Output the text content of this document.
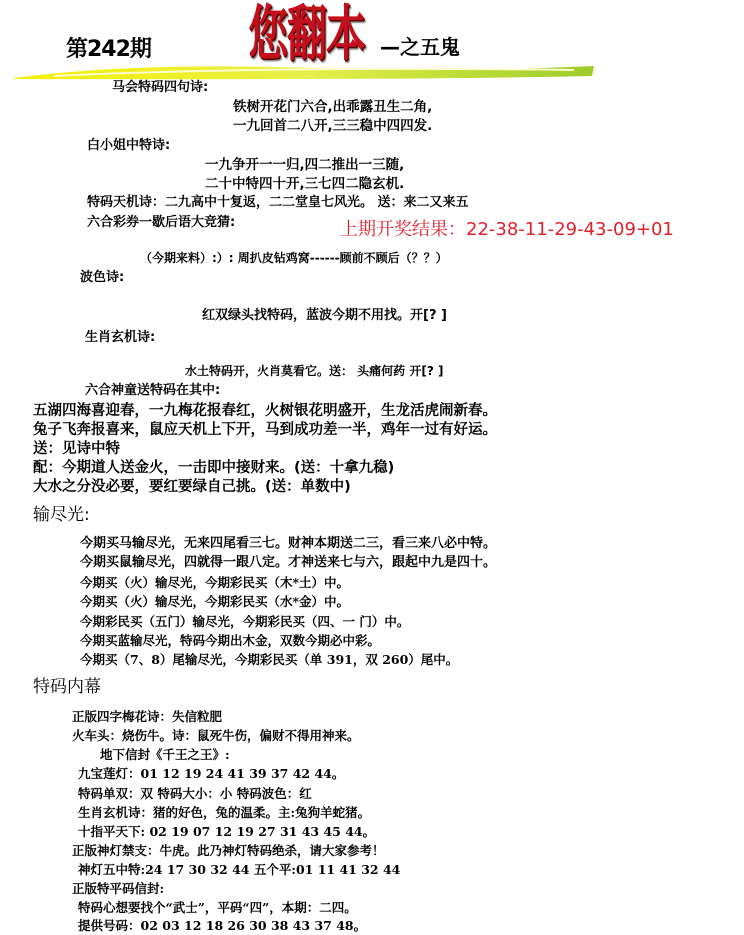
第242期 您翻本 —之五鬼
马会特码四句诗:
铁树开花门六合,出乖露丑生二角,
一九回首二八开,三三稳中四四发.
白小姐中特诗:
一九争开一一归,四二推出一三随,
二十中特四十开,三七四二隐玄机.
特码天机诗：二九高中十复返，二二堂皇七风光。 送：来二又来五
六合彩券一歇后语大竞猜:	上期开奖结果：22-38-11-29-43-09+01
（今期来料）:）: 周扒皮钻鸡窝------顾前不顾后（？？）
波色诗:
红双绿头找特码，蓝波今期不用找。开[? ]
生肖玄机诗:
水土特码开，火肖莫看它。送： 头痛何药 开[? ]
六合神童送特码在其中:
五湖四海喜迎春，一九梅花报春红，火树银花明盛开，生龙活虎闹新春。
兔子飞奔报喜来，鼠应天机上下开，马到成功差一半，鸡年一过有好运。
送：见诗中特
配：今期道人送金火，一击即中接财来。(送：十拿九稳)
大水之分没必要，要红要绿自己挑。(送：单数中)
输尽光:
今期买马输尽光，无来四尾看三七。财神本期送二三，看三来八必中特。
今期买鼠输尽光，四就得一跟八定。才神送来七与六，跟起中九是四十。
今期买（火）输尽光，今期彩民买（木*土）中。
今期买（火）输尽光，今期彩民买（水*金）中。
今期彩民买（五门）输尽光，今期彩民买（四、一 门）中。
今期买蓝输尽光，特码今期出木金，双数今期必中彩。
今期买（7、8）尾输尽光，今期彩民买（单 391，双 260）尾中。
特码内幕
正版四字梅花诗：失信粒肥
火车头：烧伤牛。诗：鼠死牛伤，偏财不得用神来。
地下信封《千王之王》:
九宝莲灯：01 12 19 24 41 39 37 42 44。
特码单双：双 特码大小：小 特码波色：红
生肖玄机诗：猪的好色，兔的温柔。主:兔狗羊蛇猪。
十指平天下: 02 19 07 12 19 27 31 43 45 44。
正版神灯禁支：牛虎。此乃神灯特码绝杀，请大家参考！
神灯五中特:24 17 30 32 44 五个平:01 11 41 32 44
正版特平码信封:
特码心想要找个“武士”，平码“四”，本期：二四。
提供号码：02 03 12 18 26 30 38 43 37 48。
